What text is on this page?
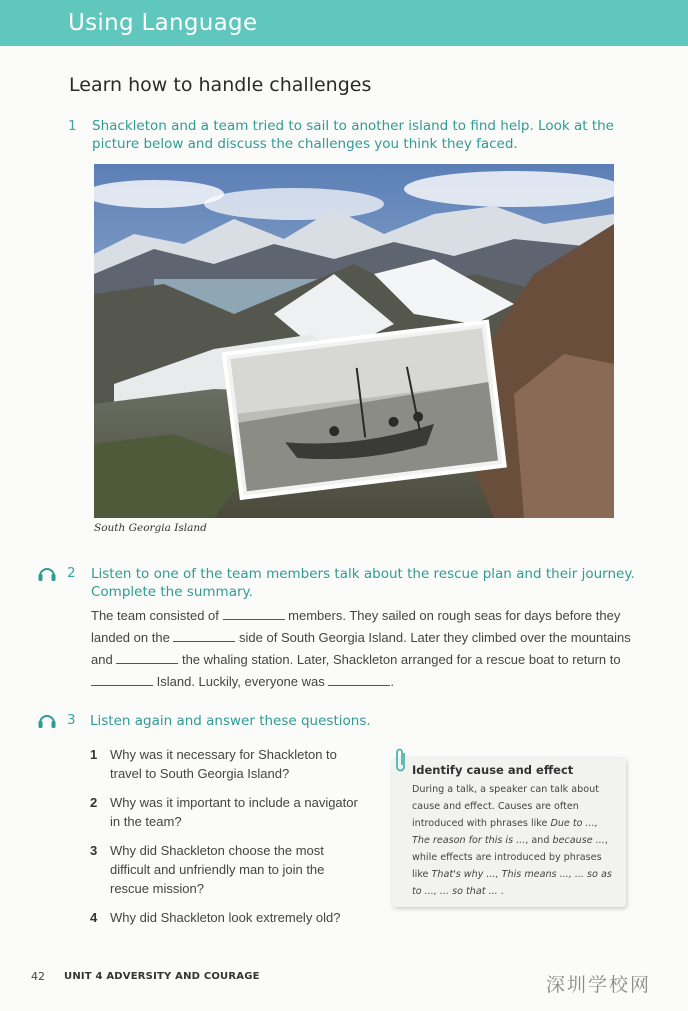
Using Language
Learn how to handle challenges
1 Shackleton and a team tried to sail to another island to find help. Look at the
picture below and discuss the challenges you think they faced.
South Georgia Island
2 Listen to one of the team members talk about the rescue plan and their journey.
Complete the summary.
The team consisted of	members. They sailed on rough seas for days before they landed on the	side of South Georgia Island. Later they climbed over the mountains and	the whaling station. Later, Shackleton arranged for a rescue boat to return to  Island. Luckily, everyone was	.
3 Listen again and answer these questions.
1 Why was it necessary for Shackleton to travel to South Georgia Island?
2 Why was it important to include a navigator in the team?
3 Why did Shackleton choose the most difficult and unfriendly man to join the rescue mission?
4 Why did Shackleton look extremely old?
Identify cause and effect
During a talk, a speaker can talk about cause and effect. Causes are often introduced with phrases like Due to ..., The reason for this is ..., and because ..., while effects are introduced by phrases like That's why ..., This means ..., ... so as to ..., ... so that ... .
42 UNIT 4 ADVERSITY AND COURAGE	深圳学校网
